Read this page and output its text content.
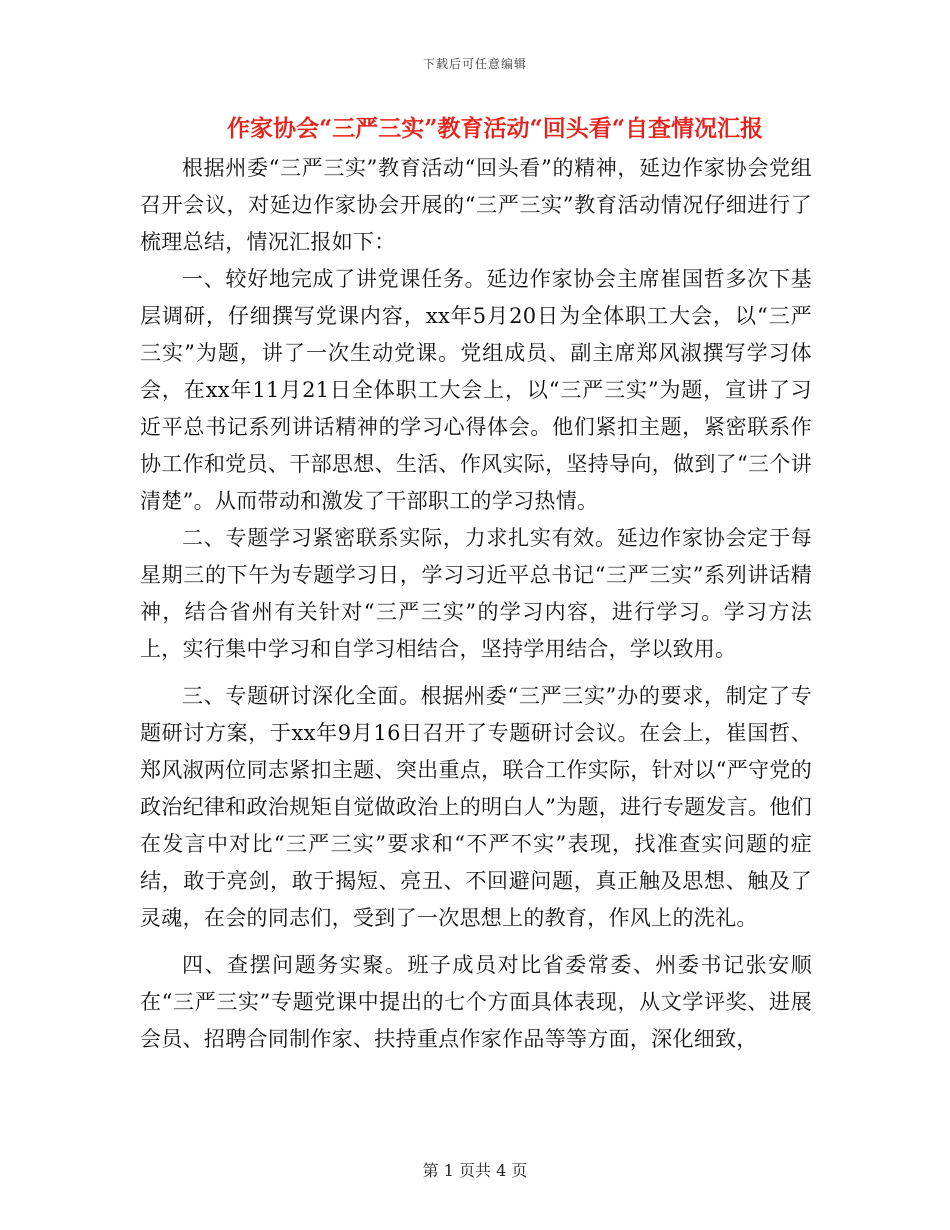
下载后可任意编辑
作家协会“三严三实”教育活动“回头看“自查情况汇报

根据州委“三严三实”教育活动“回头看”的精神，延边作家协会党组召开会议，对延边作家协会开展的“三严三实”教育活动情况仔细进行了梳理总结，情况汇报如下：

一、较好地完成了讲党课任务。延边作家协会主席崔国哲多次下基层调研，仔细撰写党课内容，xx年5月20日为全体职工大会，以“三严三实”为题，讲了一次生动党课。党组成员、副主席郑风淑撰写学习体会，在xx年11月21日全体职工大会上，以“三严三实”为题，宣讲了习近平总书记系列讲话精神的学习心得体会。他们紧扣主题，紧密联系作协工作和党员、干部思想、生活、作风实际，坚持导向，做到了“三个讲清楚”。从而带动和激发了干部职工的学习热情。

二、专题学习紧密联系实际，力求扎实有效。延边作家协会定于每星期三的下午为专题学习日，学习习近平总书记“三严三实”系列讲话精神，结合省州有关针对“三严三实”的学习内容，进行学习。学习方法上，实行集中学习和自学习相结合，坚持学用结合，学以致用。

三、专题研讨深化全面。根据州委“三严三实”办的要求，制定了专题研讨方案，于xx年9月16日召开了专题研讨会议。在会上，崔国哲、郑风淑两位同志紧扣主题、突出重点，联合工作实际，针对以“严守党的政治纪律和政治规矩自觉做政治上的明白人”为题，进行专题发言。他们在发言中对比“三严三实”要求和“不严不实”表现，找准查实问题的症结，敢于亮剑，敢于揭短、亮丑、不回避问题，真正触及思想、触及了灵魂，在会的同志们，受到了一次思想上的教育，作风上的洗礼。

四、查摆问题务实聚。班子成员对比省委常委、州委书记张安顺在“三严三实”专题党课中提出的七个方面具体表现，从文学评奖、进展会员、招聘合同制作家、扶持重点作家作品等等方面，深化细致，

第 1 页共 4 页
